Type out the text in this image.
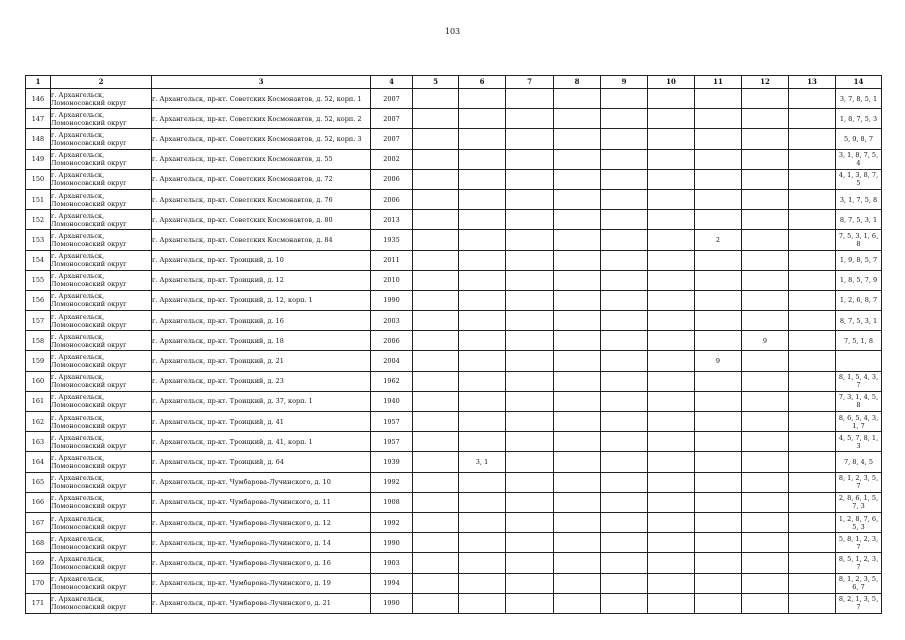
103
1	2	3	4	5	6	7	8	9	10	11	12	13	14
146	г. Архангельск, Ломоносовский округ	г. Архангельск, пр-кт. Советских Космонавтов, д. 52, корп. 1	2007										3, 7, 8, 5, 1
147	г. Архангельск, Ломоносовский округ	г. Архангельск, пр-кт. Советских Космонавтов, д. 52, корп. 2	2007										1, 8, 7, 5, 3
148	г. Архангельск, Ломоносовский округ	г. Архангельск, пр-кт. Советских Космонавтов, д. 52, корп. 3	2007										5, 9, 8, 7
149	г. Архангельск, Ломоносовский округ	г. Архангельск, пр-кт. Советских Космонавтов, д. 55	2002										3, 1, 8, 7, 5, 4
150	г. Архангельск, Ломоносовский округ	г. Архангельск, пр-кт. Советских Космонавтов, д. 72	2006										4, 1, 3, 8, 7, 5
151	г. Архангельск, Ломоносовский округ	г. Архангельск, пр-кт. Советских Космонавтов, д. 76	2006										3, 1, 7, 5, 8
152	г. Архангельск, Ломоносовский округ	г. Архангельск, пр-кт. Советских Космонавтов, д. 80	2013										8, 7, 5, 3, 1
153	г. Архангельск, Ломоносовский округ	г. Архангельск, пр-кт. Советских Космонавтов, д. 84	1935							2			7, 5, 3, 1, 6, 8
154	г. Архангельск, Ломоносовский округ	г. Архангельск, пр-кт. Троицкий, д. 10	2011										1, 9, 8, 5, 7
155	г. Архангельск, Ломоносовский округ	г. Архангельск, пр-кт. Троицкий, д. 12	2010										1, 8, 5, 7, 9
156	г. Архангельск, Ломоносовский округ	г. Архангельск, пр-кт. Троицкий, д. 12, корп. 1	1990										1, 2, 6, 8, 7
157	г. Архангельск, Ломоносовский округ	г. Архангельск, пр-кт. Троицкий, д. 16	2003										8, 7, 5, 3, 1
158	г. Архангельск, Ломоносовский округ	г. Архангельск, пр-кт. Троицкий, д. 18	2006								9		7, 5, 1, 8
159	г. Архангельск, Ломоносовский округ	г. Архангельск, пр-кт. Троицкий, д. 21	2004							9			
160	г. Архангельск, Ломоносовский округ	г. Архангельск, пр-кт. Троицкий, д. 23	1962										8, 1, 5, 4, 3, 7
161	г. Архангельск, Ломоносовский округ	г. Архангельск, пр-кт. Троицкий, д. 37, корп. 1	1940										7, 3, 1, 4, 5, 8
162	г. Архангельск, Ломоносовский округ	г. Архангельск, пр-кт. Троицкий, д. 41	1957										8, 6, 5, 4, 3, 1, 7
163	г. Архангельск, Ломоносовский округ	г. Архангельск, пр-кт. Троицкий, д. 41, корп. 1	1957										4, 5, 7, 8, 1, 3
164	г. Архангельск, Ломоносовский округ	г. Архангельск, пр-кт. Троицкий, д. 64	1939		3, 1								7, 8, 4, 5
165	г. Архангельск, Ломоносовский округ	г. Архангельск, пр-кт. Чумбарова-Лучинского, д. 10	1992										8, 1, 2, 3, 5, 7
166	г. Архангельск, Ломоносовский округ	г. Архангельск, пр-кт. Чумбарова-Лучинского, д. 11	1908										2, 8, 6, 1, 5, 7, 3
167	г. Архангельск, Ломоносовский округ	г. Архангельск, пр-кт. Чумбарова-Лучинского, д. 12	1992										1, 2, 8, 7, 6, 5, 3
168	г. Архангельск, Ломоносовский округ	г. Архангельск, пр-кт. Чумбарова-Лучинского, д. 14	1990										5, 8, 1, 2, 3, 7
169	г. Архангельск, Ломоносовский округ	г. Архангельск, пр-кт. Чумбарова-Лучинского, д. 16	1903										8, 5, 1, 2, 3, 7
170	г. Архангельск, Ломоносовский округ	г. Архангельск, пр-кт. Чумбарова-Лучинского, д. 19	1994										8, 1, 2, 3, 5, 6, 7
171	г. Архангельск, Ломоносовский округ	г. Архангельск, пр-кт. Чумбарова-Лучинского, д. 21	1990										8, 2, 1, 3, 5, 7
